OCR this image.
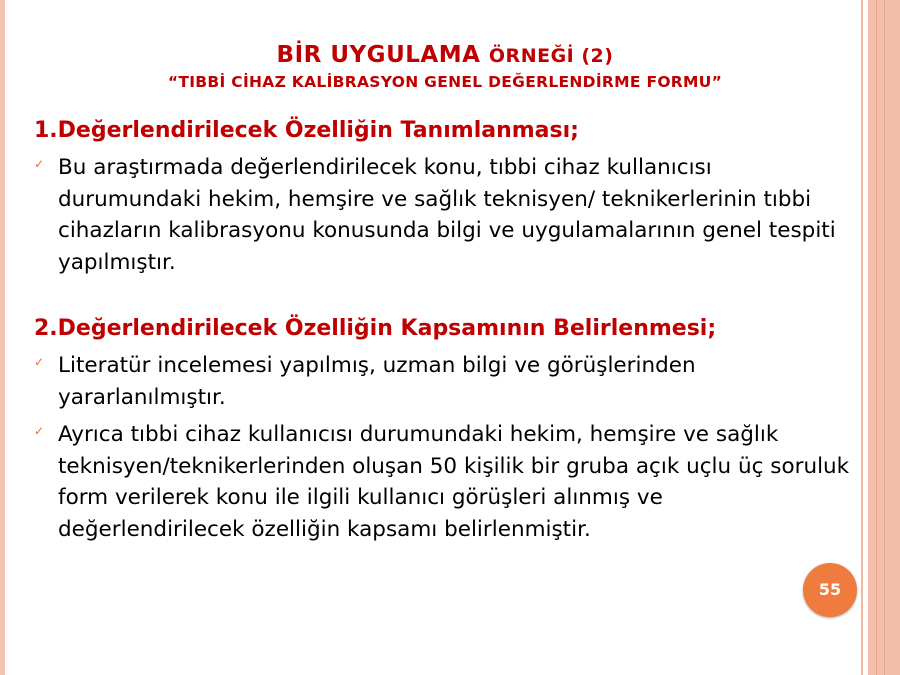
BİR UYGULAMA ÖRNEĞİ (2)
“TIBBİ CİHAZ KALİBRASYON GENEL DEĞERLENDİRME FORMU”

1.Değerlendirilecek Özelliğin Tanımlanması;

✓ Bu araştırmada değerlendirilecek konu, tıbbi cihaz kullanıcısı durumundaki hekim, hemşire ve sağlık teknisyen/ teknikerlerinin tıbbi cihazların kalibrasyonu konusunda bilgi ve uygulamalarının genel tespiti yapılmıştır.

2.Değerlendirilecek Özelliğin Kapsamının Belirlenmesi;

✓ Literatür incelemesi yapılmış, uzman bilgi ve görüşlerinden yararlanılmıştır.
✓ Ayrıca tıbbi cihaz kullanıcısı durumundaki hekim, hemşire ve sağlık teknisyen/teknikerlerinden oluşan 50 kişilik bir gruba açık uçlu üç soruluk form verilerek konu ile ilgili kullanıcı görüşleri alınmış ve değerlendirilecek özelliğin kapsamı belirlenmiştir.
55
